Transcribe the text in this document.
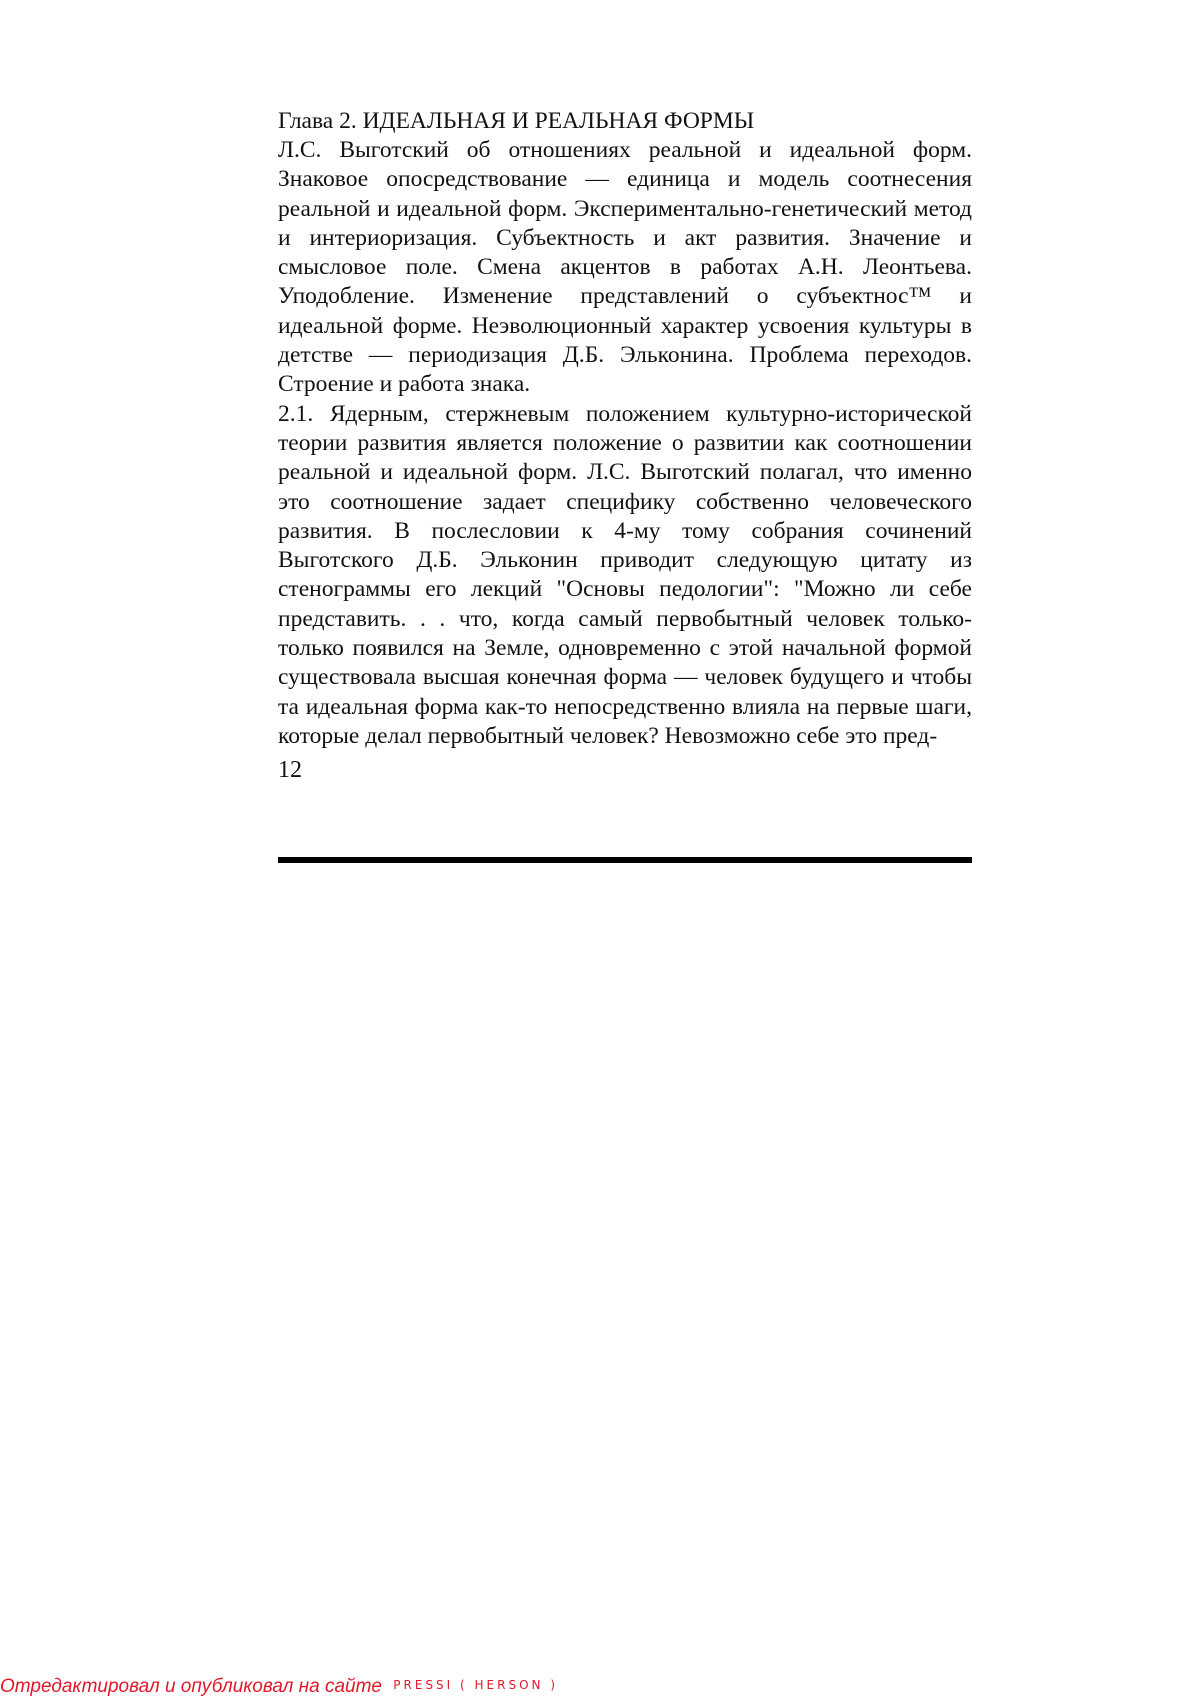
Глава 2. ИДЕАЛЬНАЯ И РЕАЛЬНАЯ ФОРМЫ

Л.С. Выготский об отношениях реальной и идеальной форм. Знаковое опосредствование — единица и модель соотнесения реальной и идеальной форм. Экспериментально-генетический метод и интериоризация. Субъектность и акт развития. Значение и смысловое поле. Смена акцентов в работах А.Н. Леонтьева. Уподобление. Изменение представлений о субъектнос™ и идеальной форме. Неэволюционный характер усвоения культуры в детстве — периодизация Д.Б. Эльконина. Проблема переходов. Строение и работа знака.

2.1. Ядерным, стержневым положением культурно-исторической теории развития является положение о развитии как соотношении реальной и идеальной форм. Л.С. Выготский полагал, что именно это соотношение задает специфику собственно человеческого развития. В послесловии к 4-му тому собрания сочинений Выготского Д.Б. Эльконин приводит следующую цитату из стенограммы его лекций "Основы педологии": "Можно ли себе представить. . . что, когда самый первобытный человек только-только появился на Земле, одновременно с этой начальной формой существовала высшая конечная форма — человек будущего и чтобы та идеальная форма как-то непосредственно влияла на первые шаги, которые делал первобытный человек? Невозможно себе это пред-

12
Отредактировал и опубликовал на сайте PRESSI ( HERSON )
